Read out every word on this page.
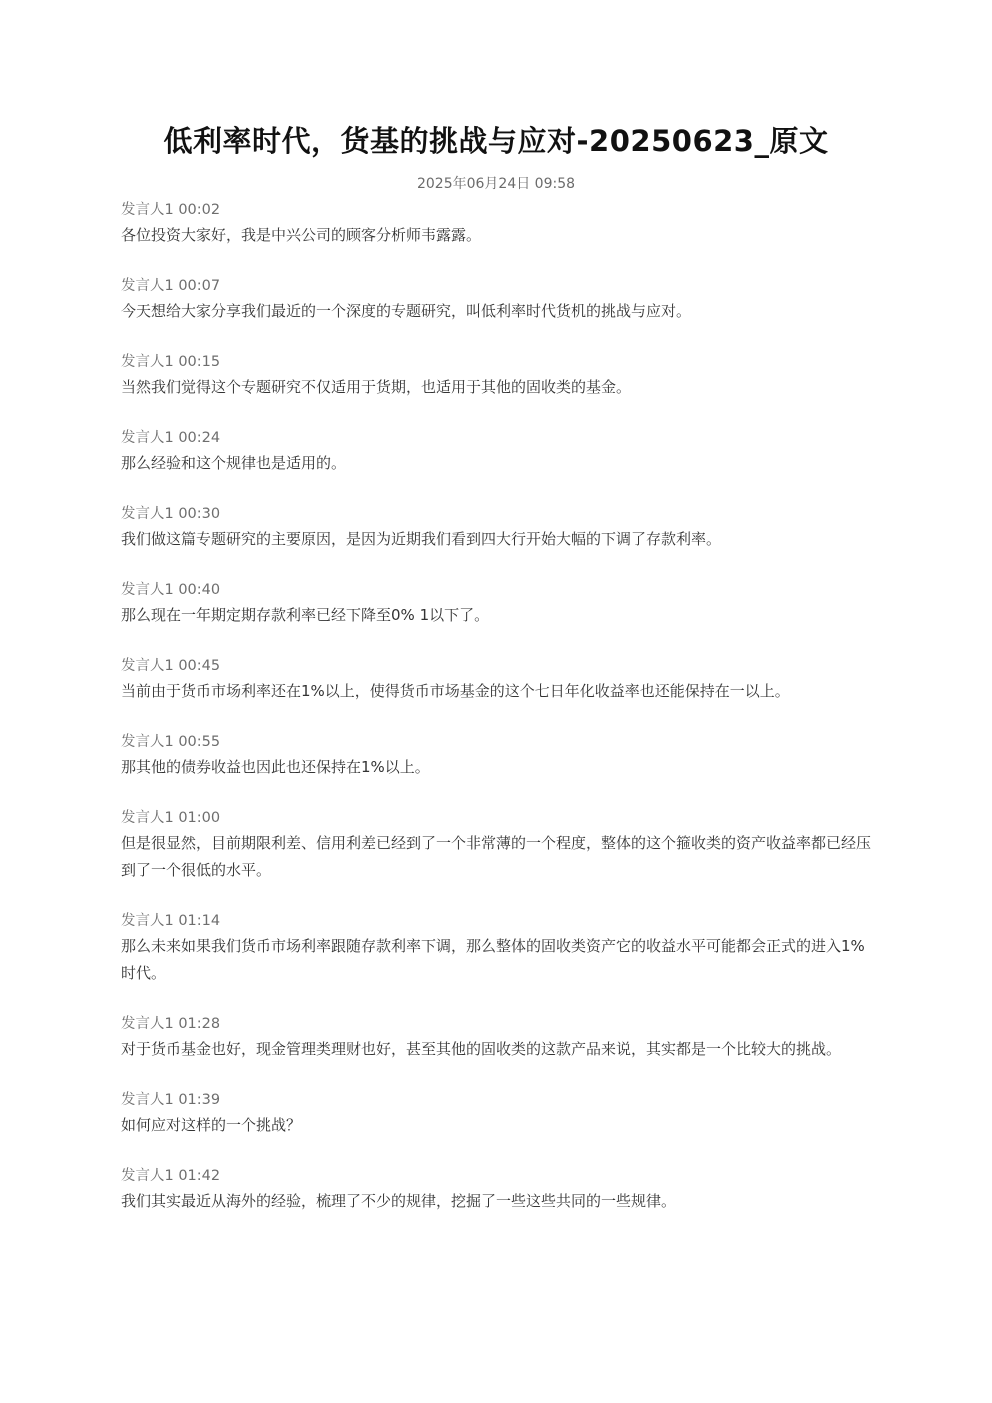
低利率时代，货基的挑战与应对-20250623_原文
2025年06月24日 09:58
发言人1 00:02
各位投资大家好，我是中兴公司的顾客分析师韦露露。
发言人1 00:07
今天想给大家分享我们最近的一个深度的专题研究，叫低利率时代货机的挑战与应对。
发言人1 00:15
当然我们觉得这个专题研究不仅适用于货期，也适用于其他的固收类的基金。
发言人1 00:24
那么经验和这个规律也是适用的。
发言人1 00:30
我们做这篇专题研究的主要原因，是因为近期我们看到四大行开始大幅的下调了存款利率。
发言人1 00:40
那么现在一年期定期存款利率已经下降至0% 1以下了。
发言人1 00:45
当前由于货币市场利率还在1%以上，使得货币市场基金的这个七日年化收益率也还能保持在一以上。
发言人1 00:55
那其他的债券收益也因此也还保持在1%以上。
发言人1 01:00
但是很显然，目前期限利差、信用利差已经到了一个非常薄的一个程度，整体的这个箍收类的资产收益率都已经压到了一个很低的水平。
发言人1 01:14
那么未来如果我们货币市场利率跟随存款利率下调，那么整体的固收类资产它的收益水平可能都会正式的进入1%时代。
发言人1 01:28
对于货币基金也好，现金管理类理财也好，甚至其他的固收类的这款产品来说，其实都是一个比较大的挑战。
发言人1 01:39
如何应对这样的一个挑战？
发言人1 01:42
我们其实最近从海外的经验，梳理了不少的规律，挖掘了一些这些共同的一些规律。
